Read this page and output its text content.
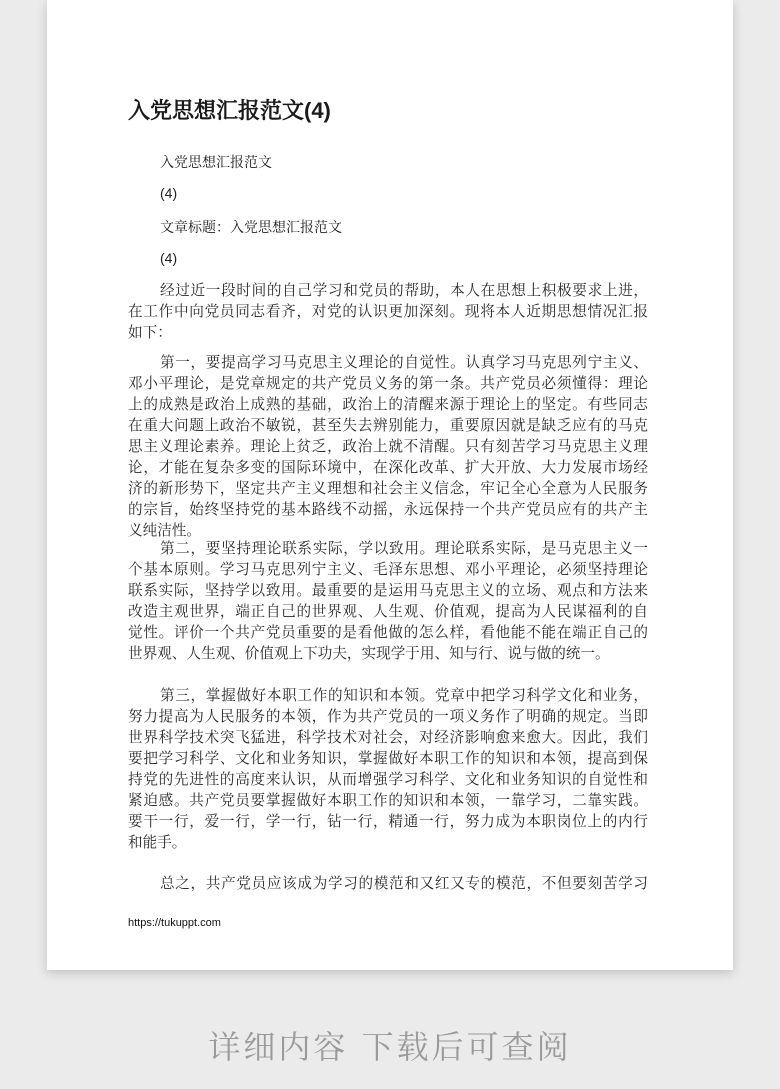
入党思想汇报范文(4)
入党思想汇报范文
(4)
文章标题：入党思想汇报范文
(4)
经过近一段时间的自己学习和党员的帮助，本人在思想上积极要求上进，
在工作中向党员同志看齐，对党的认识更加深刻。现将本人近期思想情况汇报
如下：
第一，要提高学习马克思主义理论的自觉性。认真学习马克思列宁主义、
邓小平理论，是党章规定的共产党员义务的第一条。共产党员必须懂得：理论
上的成熟是政治上成熟的基础，政治上的清醒来源于理论上的坚定。有些同志
在重大问题上政治不敏锐，甚至失去辨别能力，重要原因就是缺乏应有的马克
思主义理论素养。理论上贫乏，政治上就不清醒。只有刻苦学习马克思主义理
论，才能在复杂多变的国际环境中，在深化改革、扩大开放、大力发展市场经
济的新形势下，坚定共产主义理想和社会主义信念，牢记全心全意为人民服务
的宗旨，始终坚持党的基本路线不动摇，永远保持一个共产党员应有的共产主
义纯洁性。
第二，要坚持理论联系实际，学以致用。理论联系实际，是马克思主义一
个基本原则。学习马克思列宁主义、毛泽东思想、邓小平理论，必须坚持理论
联系实际，坚持学以致用。最重要的是运用马克思主义的立场、观点和方法来
改造主观世界，端正自己的世界观、人生观、价值观，提高为人民谋福利的自
觉性。评价一个共产党员重要的是看他做的怎么样，看他能不能在端正自己的
世界观、人生观、价值观上下功夫，实现学于用、知与行、说与做的统一。
第三，掌握做好本职工作的知识和本领。党章中把学习科学文化和业务，
努力提高为人民服务的本领，作为共产党员的一项义务作了明确的规定。当即
世界科学技术突飞猛进，科学技术对社会，对经济影响愈来愈大。因此，我们
要把学习科学、文化和业务知识，掌握做好本职工作的知识和本领，提高到保
持党的先进性的高度来认识，从而增强学习科学、文化和业务知识的自觉性和
紧迫感。共产党员要掌握做好本职工作的知识和本领，一靠学习，二靠实践。
要干一行，爱一行，学一行，钻一行，精通一行，努力成为本职岗位上的内行
和能手。
总之，共产党员应该成为学习的模范和又红又专的模范，不但要刻苦学习
https://tukuppt.com
详细内容 下载后可查阅
